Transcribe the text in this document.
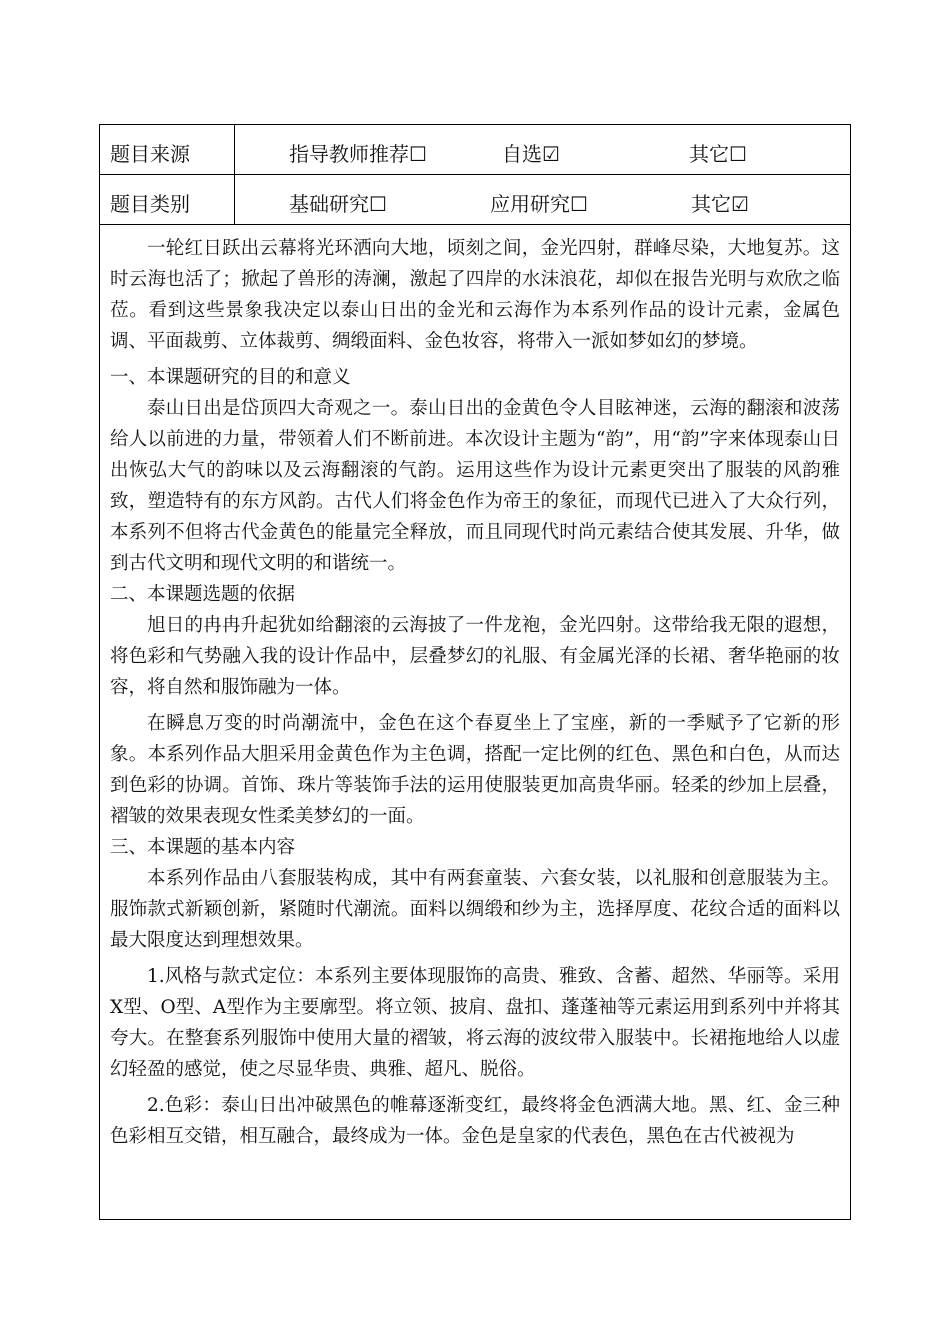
题目来源	指导教师推荐☐	自选☑	其它☐
题目类别	基础研究☐	应用研究☐	其它☑

一轮红日跃出云幕将光环洒向大地，顷刻之间，金光四射，群峰尽染，大地复苏。这时云海也活了；掀起了兽形的涛澜，激起了四岸的水沫浪花，却似在报告光明与欢欣之临莅。看到这些景象我决定以泰山日出的金光和云海作为本系列作品的设计元素，金属色调、平面裁剪、立体裁剪、绸缎面料、金色妆容，将带入一派如梦如幻的梦境。

一、本课题研究的目的和意义

泰山日出是岱顶四大奇观之一。泰山日出的金黄色令人目眩神迷，云海的翻滚和波荡给人以前进的力量，带领着人们不断前进。本次设计主题为“韵”，用“韵”字来体现泰山日出恢弘大气的韵味以及云海翻滚的气韵。运用这些作为设计元素更突出了服装的风韵雅致，塑造特有的东方风韵。古代人们将金色作为帝王的象征，而现代已进入了大众行列，本系列不但将古代金黄色的能量完全释放，而且同现代时尚元素结合使其发展、升华，做到古代文明和现代文明的和谐统一。

二、本课题选题的依据

旭日的冉冉升起犹如给翻滚的云海披了一件龙袍，金光四射。这带给我无限的遐想，将色彩和气势融入我的设计作品中，层叠梦幻的礼服、有金属光泽的长裙、奢华艳丽的妆容，将自然和服饰融为一体。

在瞬息万变的时尚潮流中，金色在这个春夏坐上了宝座，新的一季赋予了它新的形象。本系列作品大胆采用金黄色作为主色调，搭配一定比例的红色、黑色和白色，从而达到色彩的协调。首饰、珠片等装饰手法的运用使服装更加高贵华丽。轻柔的纱加上层叠，褶皱的效果表现女性柔美梦幻的一面。

三、本课题的基本内容

本系列作品由八套服装构成，其中有两套童装、六套女装，以礼服和创意服装为主。服饰款式新颖创新，紧随时代潮流。面料以绸缎和纱为主，选择厚度、花纹合适的面料以最大限度达到理想效果。

1.风格与款式定位：本系列主要体现服饰的高贵、雅致、含蓄、超然、华丽等。采用X型、O型、A型作为主要廓型。将立领、披肩、盘扣、蓬蓬袖等元素运用到系列中并将其夸大。在整套系列服饰中使用大量的褶皱，将云海的波纹带入服装中。长裙拖地给人以虚幻轻盈的感觉，使之尽显华贵、典雅、超凡、脱俗。

2.色彩：泰山日出冲破黑色的帷幕逐渐变红，最终将金色洒满大地。黑、红、金三种色彩相互交错，相互融合，最终成为一体。金色是皇家的代表色，黑色在古代被视为
